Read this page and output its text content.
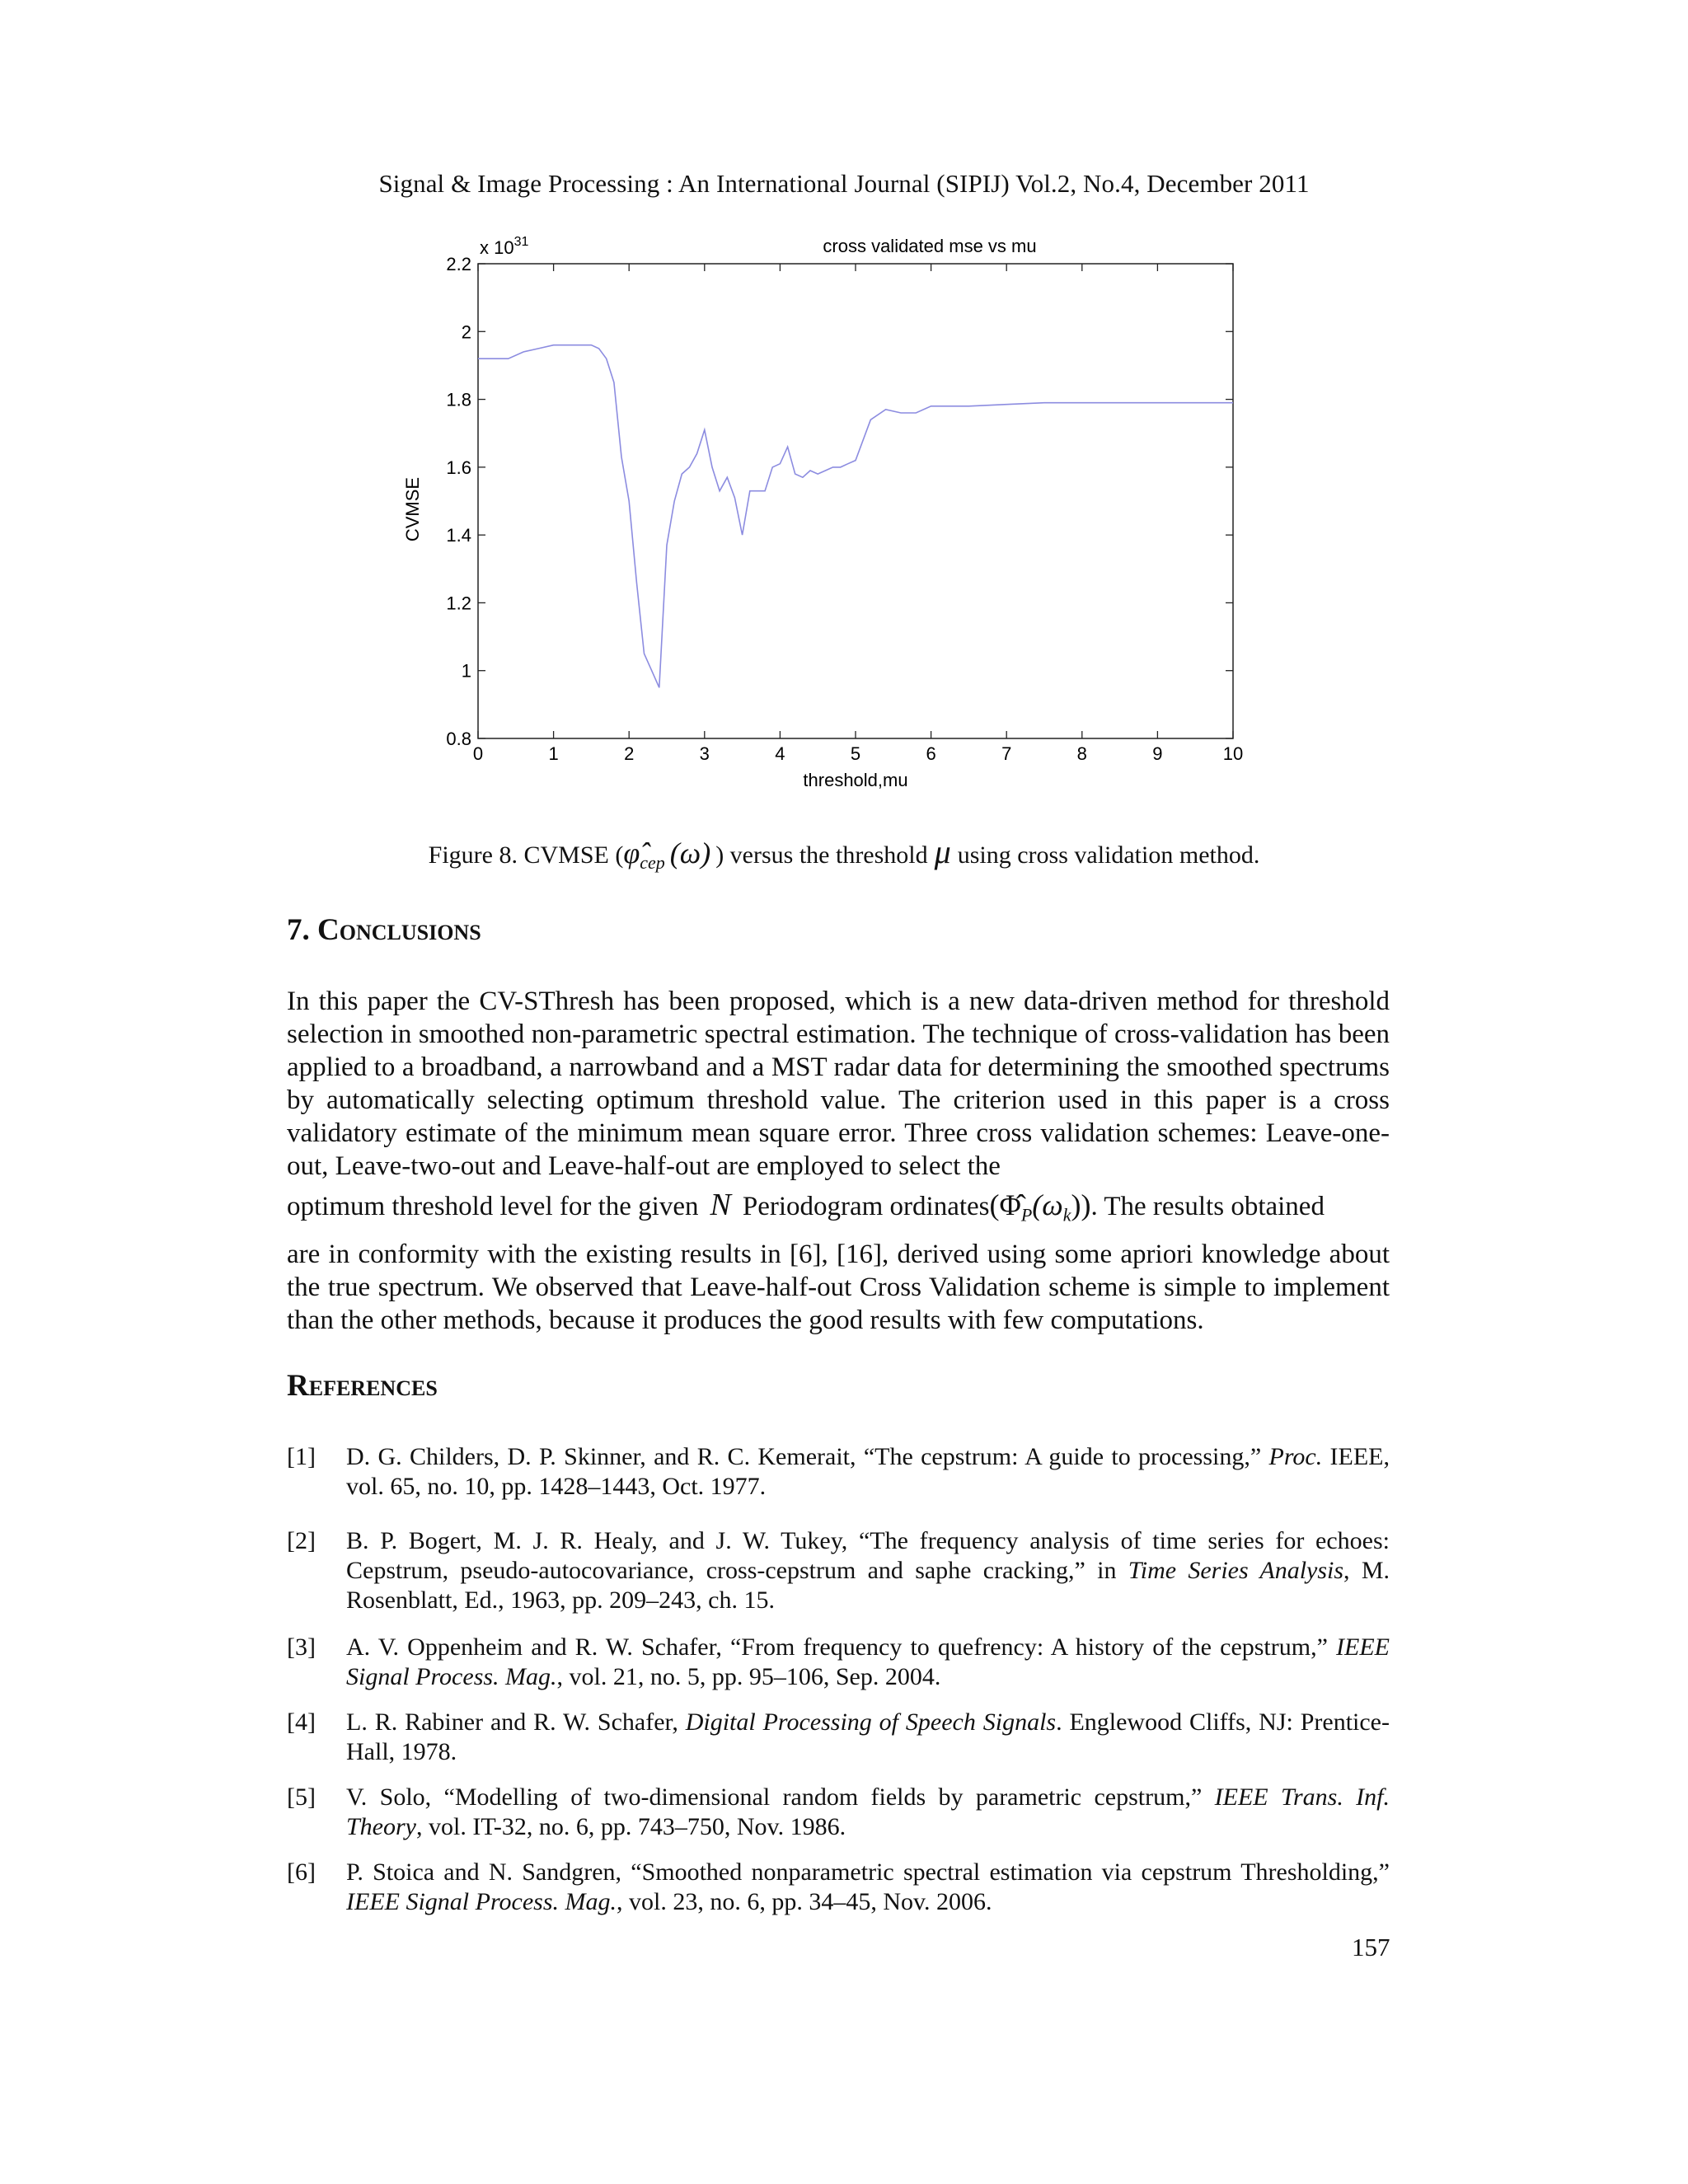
Signal & Image Processing : An International Journal (SIPIJ) Vol.2, No.4, December 2011
0	1	2	3	4	5	6	7	8	9	10
0.8
1
1.2
1.4
1.6
1.8
2
2.2
cross validated mse vs mu
threshold,mu
CVMSE
x $10^{31}$
Figure 8. CVMSE ($\varphî_{cep}$ (ω) ) versus the threshold μ using cross validation method.
7. Conclusions

In this paper the CV-SThresh has been proposed, which is a new data-driven method for threshold selection in smoothed non-parametric spectral estimation. The technique of cross-validation has been applied to a broadband, a narrowband and a MST radar data for determining the smoothed spectrums by automatically selecting optimum threshold value. The criterion used in this paper is a cross validatory estimate of the minimum mean square error. Three cross validation schemes: Leave-one-out, Leave-two-out and Leave-half-out are employed to select the

optimum threshold level for the given N Periodogram $ordinates(\Phî_P(\omega_k))$. The results obtained

are in conformity with the existing results in [6], [16], derived using some apriori knowledge about the true spectrum. We observed that Leave-half-out Cross Validation scheme is simple to implement than the other methods, because it produces the good results with few computations.

References
[1] D. G. Childers, D. P. Skinner, and R. C. Kemerait, “The cepstrum: A guide to processing,” Proc. IEEE, vol. 65, no. 10, pp. 1428–1443, Oct. 1977.
[2] B. P. Bogert, M. J. R. Healy, and J. W. Tukey, “The frequency analysis of time series for echoes: Cepstrum, pseudo-autocovariance, cross-cepstrum and saphe cracking,” in Time Series Analysis, M. Rosenblatt, Ed., 1963, pp. 209–243, ch. 15.
[3] A. V. Oppenheim and R. W. Schafer, “From frequency to quefrency: A history of the cepstrum,” IEEE Signal Process. Mag., vol. 21, no. 5, pp. 95–106, Sep. 2004.
[4] L. R. Rabiner and R. W. Schafer, Digital Processing of Speech Signals. Englewood Cliffs, NJ: Prentice-Hall, 1978.
[5] V. Solo, “Modelling of two-dimensional random fields by parametric cepstrum,” IEEE Trans. Inf. Theory, vol. IT-32, no. 6, pp. 743–750, Nov. 1986.
[6] P. Stoica and N. Sandgren, “Smoothed nonparametric spectral estimation via cepstrum Thresholding,” IEEE Signal Process. Mag., vol. 23, no. 6, pp. 34–45, Nov. 2006.
157
